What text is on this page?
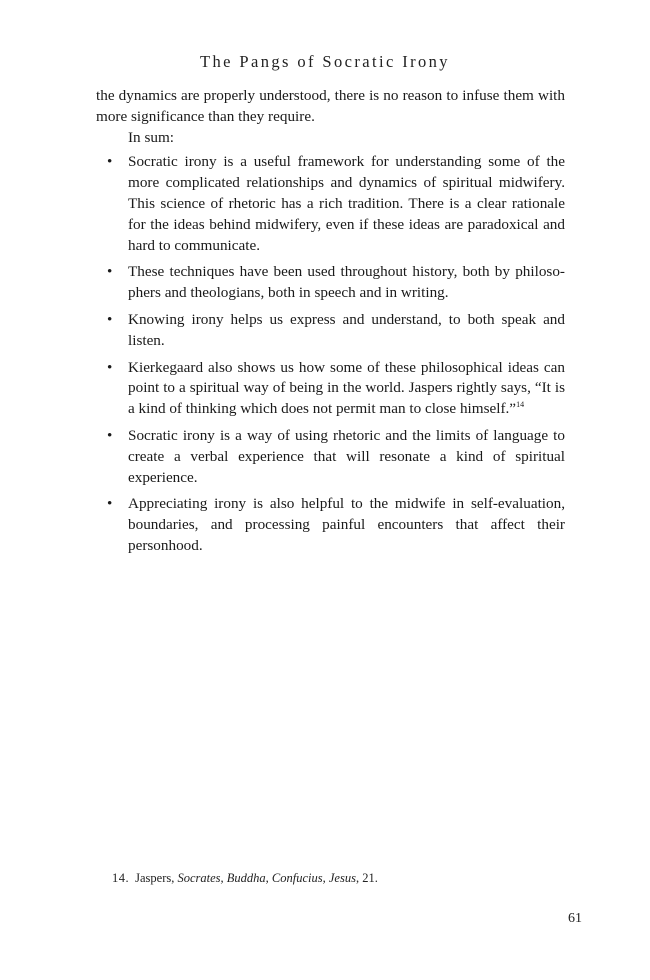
The Pangs of Socratic Irony

the dynamics are properly understood, there is no reason to infuse them with more significance than they require.

In sum:

• Socratic irony is a useful framework for understanding some of the more complicated relationships and dynamics of spiritual midwifery. This science of rhetoric has a rich tradition. There is a clear rationale for the ideas behind midwifery, even if these ideas are paradoxical and hard to communicate.
• These techniques have been used throughout history, both by philoso-phers and theologians, both in speech and in writing.
• Knowing irony helps us express and understand, to both speak and listen.
• Kierkegaard also shows us how some of these philosophical ideas can point to a spiritual way of being in the world. Jaspers rightly says, “It is a kind of thinking which does not permit man to close himself.”$^{14}$
• Socratic irony is a way of using rhetoric and the limits of language to create a verbal experience that will resonate a kind of spiritual experience.
• Appreciating irony is also helpful to the midwife in self-evaluation, boundaries, and processing painful encounters that affect their personhood.
14. Jaspers, Socrates, Buddha, Confucius, Jesus, 21.
61
